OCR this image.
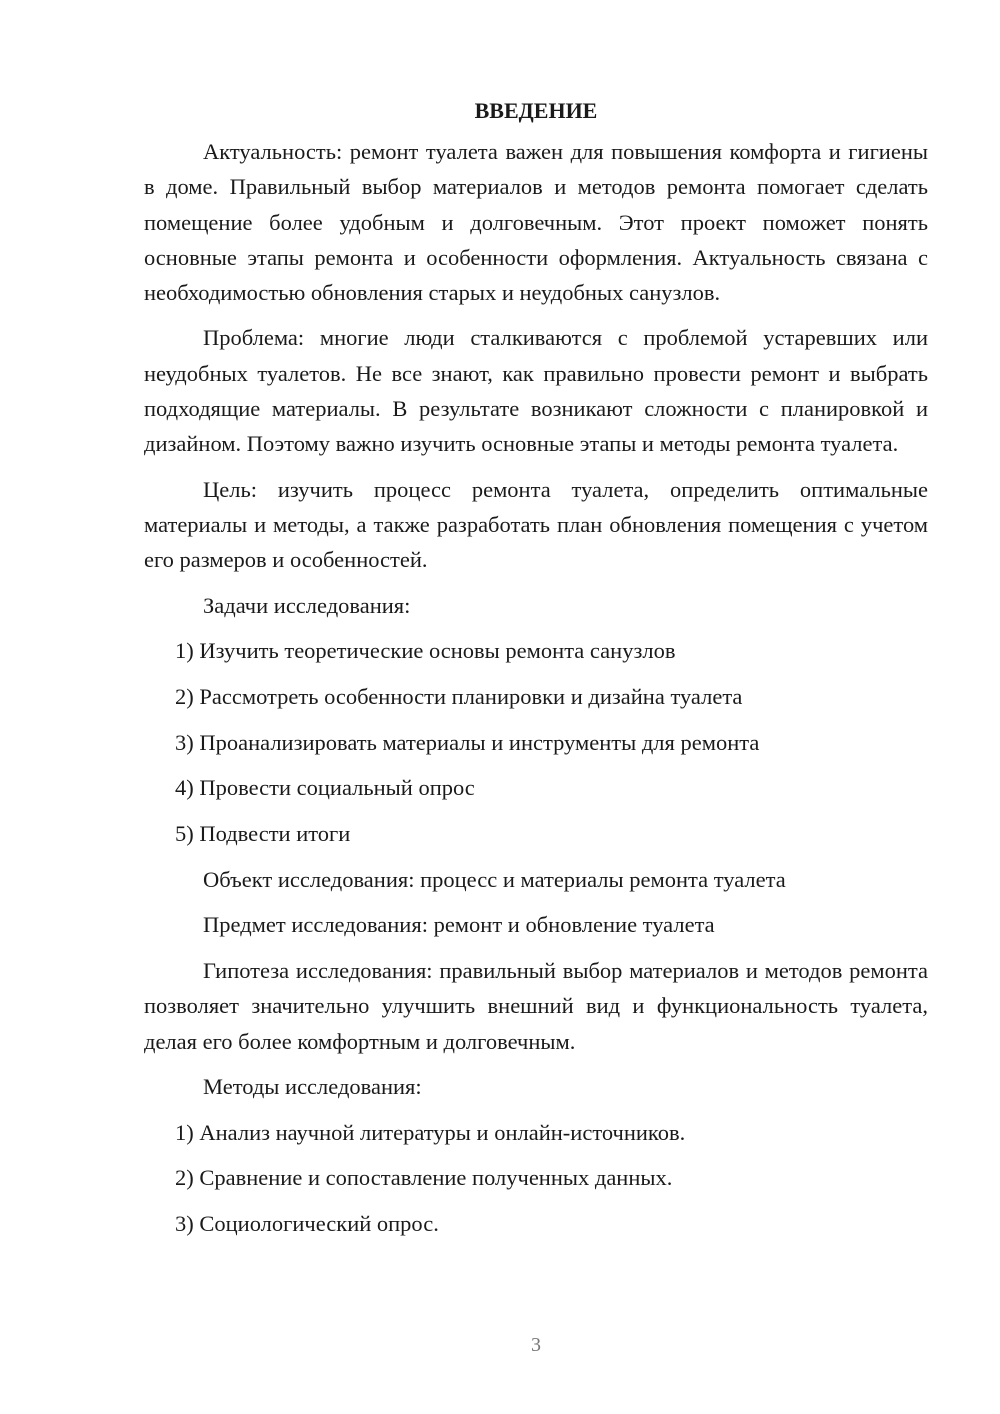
ВВЕДЕНИЕ

Актуальность: ремонт туалета важен для повышения комфорта и гигиены в доме. Правильный выбор материалов и методов ремонта помогает сделать помещение более удобным и долговечным. Этот проект поможет понять основные этапы ремонта и особенности оформления. Актуальность связана с необходимостью обновления старых и неудобных санузлов.

Проблема: многие люди сталкиваются с проблемой устаревших или неудобных туалетов. Не все знают, как правильно провести ремонт и выбрать подходящие материалы. В результате возникают сложности с планировкой и дизайном. Поэтому важно изучить основные этапы и методы ремонта туалета.

Цель: изучить процесс ремонта туалета, определить оптимальные материалы и методы, а также разработать план обновления помещения с учетом его размеров и особенностей.

Задачи исследования:
1) Изучить теоретические основы ремонта санузлов
2) Рассмотреть особенности планировки и дизайна туалета
3) Проанализировать материалы и инструменты для ремонта
4) Провести социальный опрос
5) Подвести итоги
Объект исследования: процесс и материалы ремонта туалета
Предмет исследования: ремонт и обновление туалета

Гипотеза исследования: правильный выбор материалов и методов ремонта позволяет значительно улучшить внешний вид и функциональность туалета, делая его более комфортным и долговечным.

Методы исследования:
1) Анализ научной литературы и онлайн-источников.
2) Сравнение и сопоставление полученных данных.
3) Социологический опрос.
3
